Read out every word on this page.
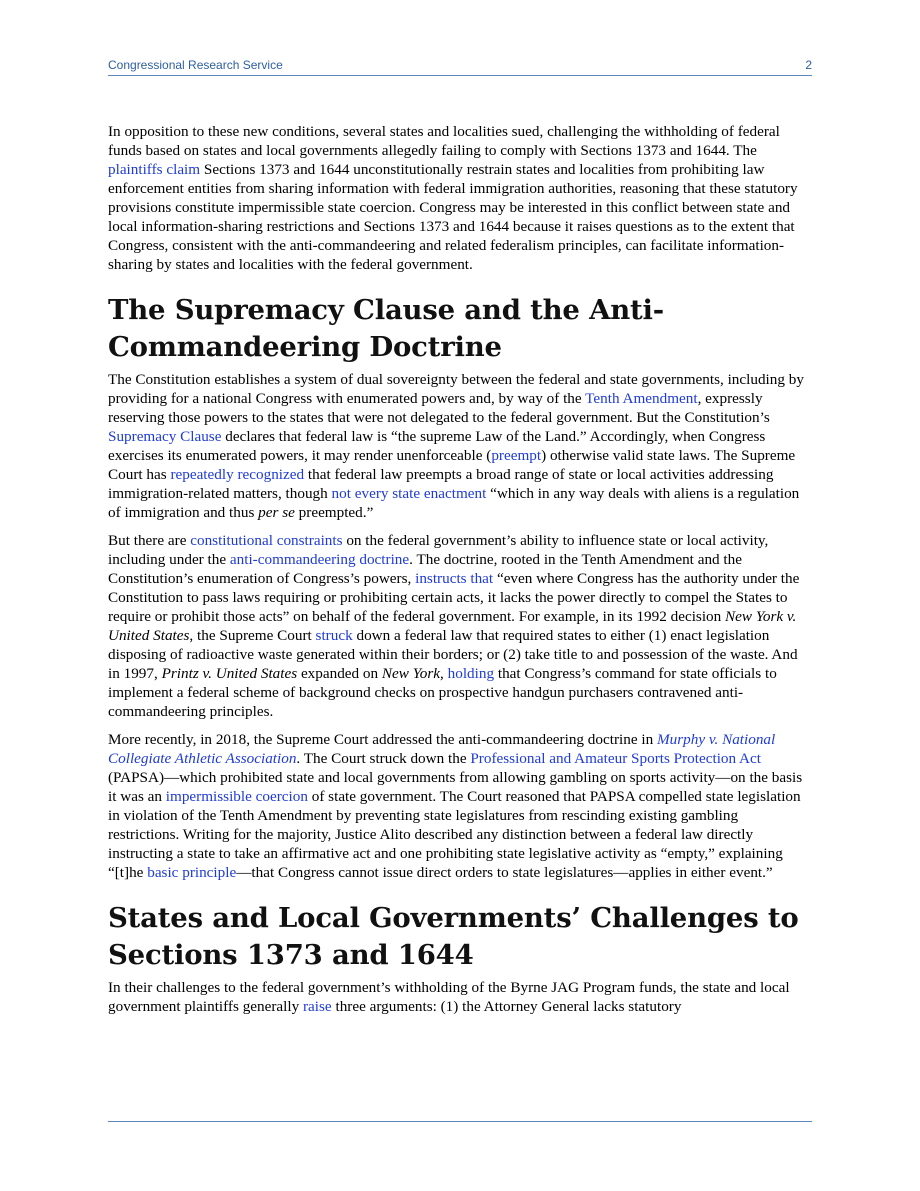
Congressional Research Service	2

In opposition to these new conditions, several states and localities sued, challenging the withholding of federal funds based on states and local governments allegedly failing to comply with Sections 1373 and 1644. The plaintiffs claim Sections 1373 and 1644 unconstitutionally restrain states and localities from prohibiting law enforcement entities from sharing information with federal immigration authorities, reasoning that these statutory provisions constitute impermissible state coercion. Congress may be interested in this conflict between state and local information-sharing restrictions and Sections 1373 and 1644 because it raises questions as to the extent that Congress, consistent with the anti-commandeering and related federalism principles, can facilitate information-sharing by states and localities with the federal government.

The Supremacy Clause and the Anti-Commandeering Doctrine

The Constitution establishes a system of dual sovereignty between the federal and state governments, including by providing for a national Congress with enumerated powers and, by way of the Tenth Amendment, expressly reserving those powers to the states that were not delegated to the federal government. But the Constitution’s Supremacy Clause declares that federal law is “the supreme Law of the Land.” Accordingly, when Congress exercises its enumerated powers, it may render unenforceable (preempt) otherwise valid state laws. The Supreme Court has repeatedly recognized that federal law preempts a broad range of state or local activities addressing immigration-related matters, though not every state enactment “which in any way deals with aliens is a regulation of immigration and thus per se preempted.”

But there are constitutional constraints on the federal government’s ability to influence state or local activity, including under the anti-commandeering doctrine. The doctrine, rooted in the Tenth Amendment and the Constitution’s enumeration of Congress’s powers, instructs that “even where Congress has the authority under the Constitution to pass laws requiring or prohibiting certain acts, it lacks the power directly to compel the States to require or prohibit those acts” on behalf of the federal government. For example, in its 1992 decision New York v. United States, the Supreme Court struck down a federal law that required states to either (1) enact legislation disposing of radioactive waste generated within their borders; or (2) take title to and possession of the waste. And in 1997, Printz v. United States expanded on New York, holding that Congress’s command for state officials to implement a federal scheme of background checks on prospective handgun purchasers contravened anti-commandeering principles.

More recently, in 2018, the Supreme Court addressed the anti-commandeering doctrine in Murphy v. National Collegiate Athletic Association. The Court struck down the Professional and Amateur Sports Protection Act (PAPSA)—which prohibited state and local governments from allowing gambling on sports activity—on the basis it was an impermissible coercion of state government. The Court reasoned that PAPSA compelled state legislation in violation of the Tenth Amendment by preventing state legislatures from rescinding existing gambling restrictions. Writing for the majority, Justice Alito described any distinction between a federal law directly instructing a state to take an affirmative act and one prohibiting state legislative activity as “empty,” explaining “[t]he basic principle—that Congress cannot issue direct orders to state legislatures—applies in either event.”

States and Local Governments’ Challenges to Sections 1373 and 1644

In their challenges to the federal government’s withholding of the Byrne JAG Program funds, the state and local government plaintiffs generally raise three arguments: (1) the Attorney General lacks statutory
